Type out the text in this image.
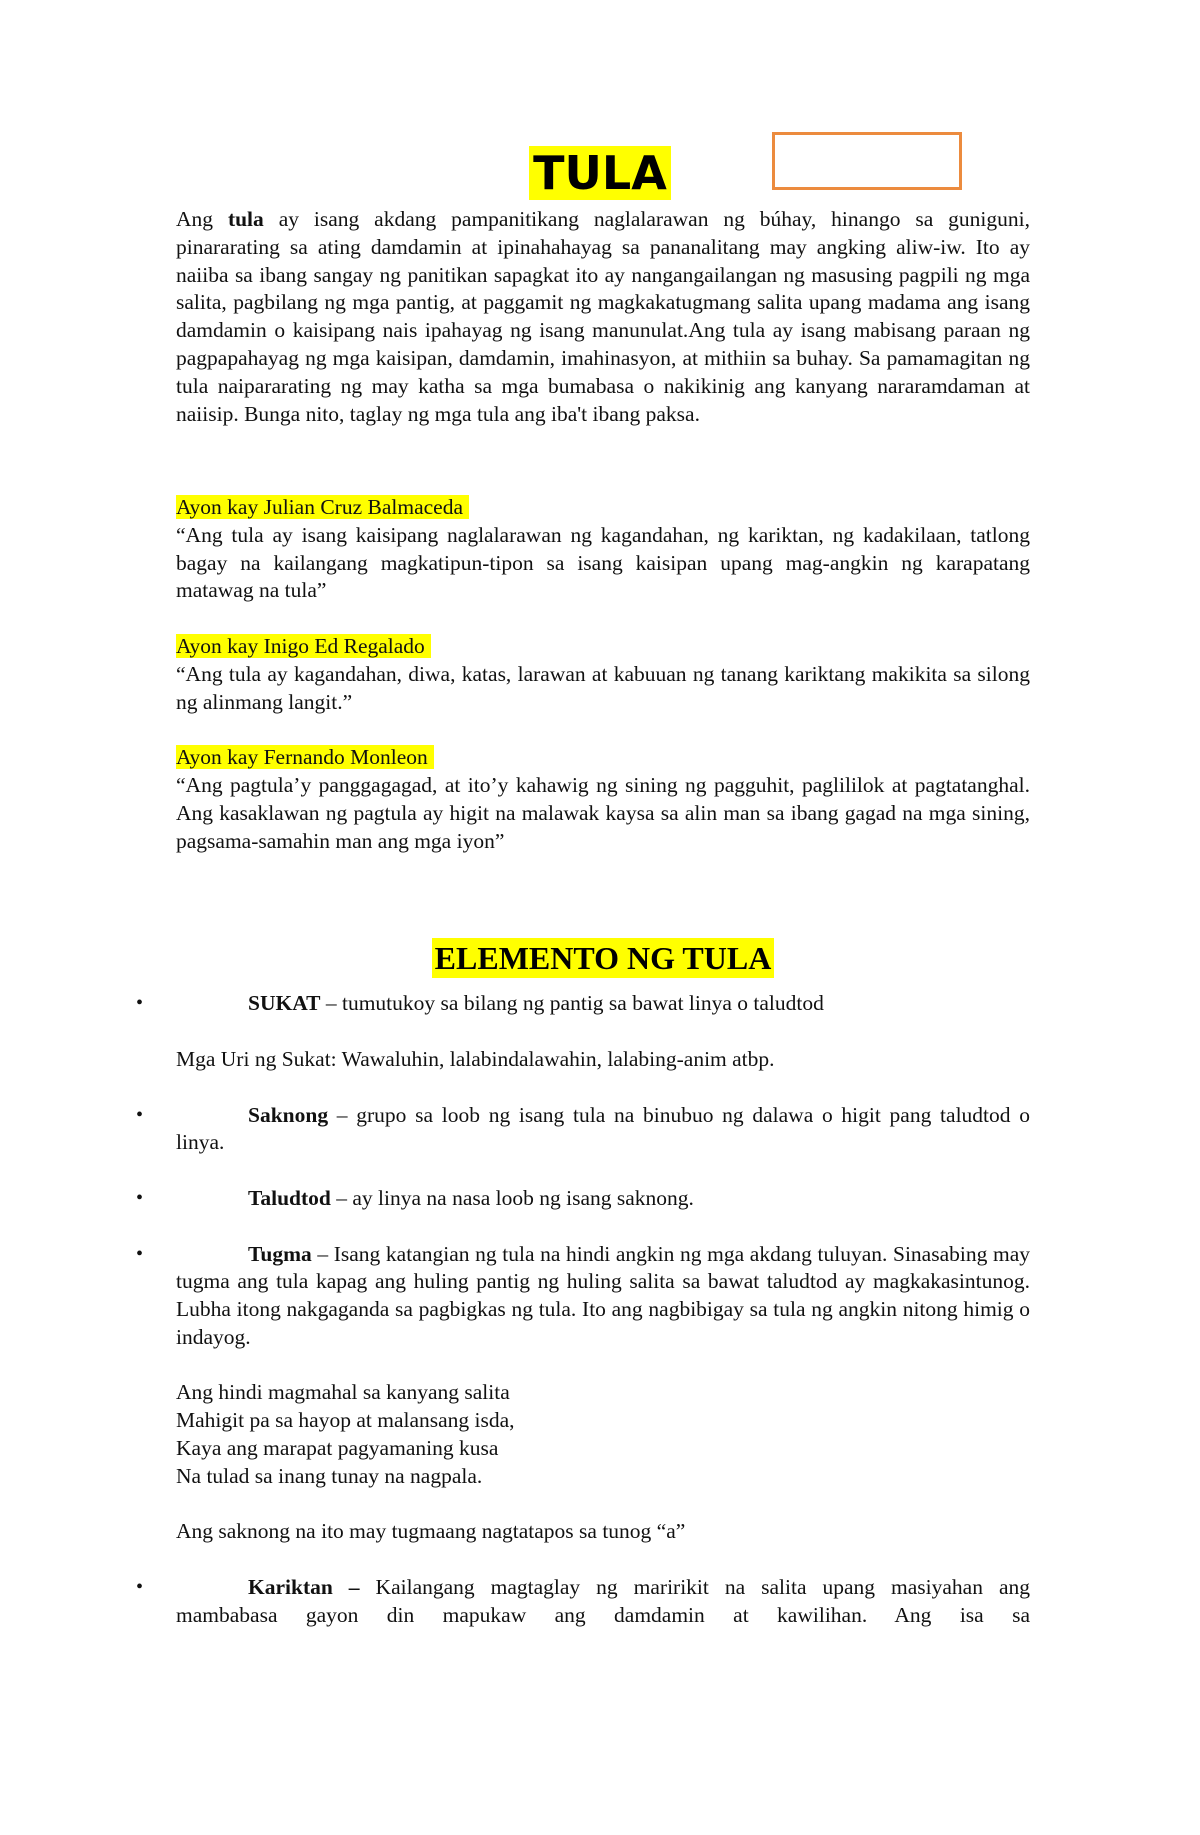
TULA

Ang tula ay isang akdang pampanitikang naglalarawan ng búhay, hinango sa guniguni, pinararating sa ating damdamin at ipinahahayag sa pananalitang may angking aliw-iw. Ito ay naiiba sa ibang sangay ng panitikan sapagkat ito ay nangangailangan ng masusing pagpili ng mga salita, pagbilang ng mga pantig, at paggamit ng magkakatugmang salita upang madama ang isang damdamin o kaisipang nais ipahayag ng isang manunulat.Ang tula ay isang mabisang paraan ng pagpapahayag ng mga kaisipan, damdamin, imahinasyon, at mithiin sa buhay. Sa pamamagitan ng tula naipararating ng may katha sa mga bumabasa o nakikinig ang kanyang nararamdaman at naiisip. Bunga nito, taglay ng mga tula ang iba't ibang paksa.

Ayon kay Julian Cruz Balmaceda

“Ang tula ay isang kaisipang naglalarawan ng kagandahan, ng kariktan, ng kadakilaan, tatlong bagay na kailangang magkatipun-tipon sa isang kaisipan upang mag-angkin ng karapatang matawag na tula”

Ayon kay Inigo Ed Regalado

“Ang tula ay kagandahan, diwa, katas, larawan at kabuuan ng tanang kariktang makikita sa silong ng alinmang langit.”

Ayon kay Fernando Monleon

“Ang pagtula’y panggagagad, at ito’y kahawig ng sining ng pagguhit, paglililok at pagtatanghal. Ang kasaklawan ng pagtula ay higit na malawak kaysa sa alin man sa ibang gagad na mga sining, pagsama-samahin man ang mga iyon”

ELEMENTO NG TULA

•	SUKAT – tumutukoy sa bilang ng pantig sa bawat linya o taludtod

Mga Uri ng Sukat: Wawaluhin, lalabindalawahin, lalabing-anim atbp.

•	Saknong – grupo sa loob ng isang tula na binubuo ng dalawa o higit pang taludtod o linya.

•	Taludtod – ay linya na nasa loob ng isang saknong.

•	Tugma – Isang katangian ng tula na hindi angkin ng mga akdang tuluyan. Sinasabing may tugma ang tula kapag ang huling pantig ng huling salita sa bawat taludtod ay magkakasintunog. Lubha itong nakgaganda sa pagbigkas ng tula. Ito ang nagbibigay sa tula ng angkin nitong himig o indayog.

Ang hindi magmahal sa kanyang salita

Mahigit pa sa hayop at malansang isda,

Kaya ang marapat pagyamaning kusa

Na tulad sa inang tunay na nagpala.

Ang saknong na ito may tugmaang nagtatapos sa tunog “a”

•	Kariktan – Kailangang magtaglay ng maririkit na salita upang masiyahan ang mambabasa gayon din mapukaw ang damdamin at kawilihan. Ang isa sa
